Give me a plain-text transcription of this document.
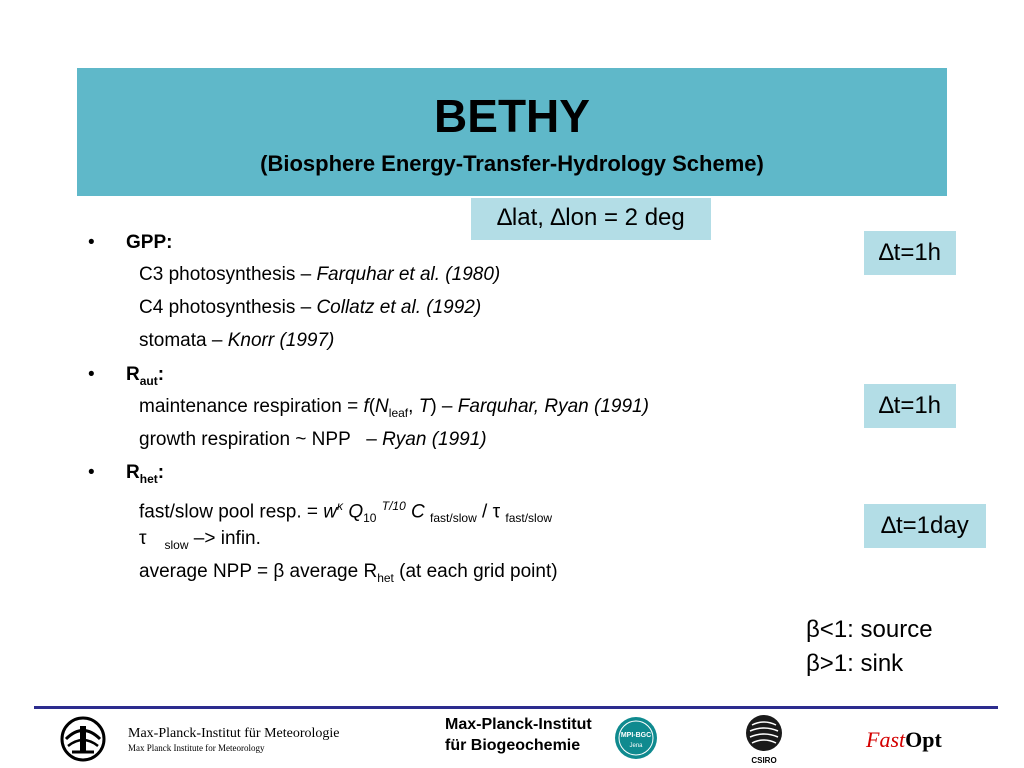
BETHY
(Biosphere Energy-Transfer-Hydrology Scheme)
∆lat, ∆lon = 2 deg
∆t=1h
∆t=1h
∆t=1day
• GPP:
C3 photosynthesis – Farquhar et al. (1980)
C4 photosynthesis – Collatz et al. (1992)
stomata – Knorr (1997)
• $R_{aut}$:
maintenance respiration = $f(N_{leaf}$, T) – Farquhar, Ryan (1991)
growth respiration ~ NPP   – Ryan (1991)
• $R_{het}$:
fast/slow pool resp. = $w^\kappa$ $Q_{10}$ $^{T/10}$ C $_{fast/slow}$ / τ $_{fast/slow}$
τ $_{slow}$ –> infin.
average NPP = β average $R_{het}$ (at each grid point)
β<1: source
β>1: sink
Max-Planck-Institut für Meteorologie
Max Planck Institute for Meteorology
Max-Planck-Institut
für Biogeochemie
MPI-BGC
Jena
CSIRO
FastOpt
